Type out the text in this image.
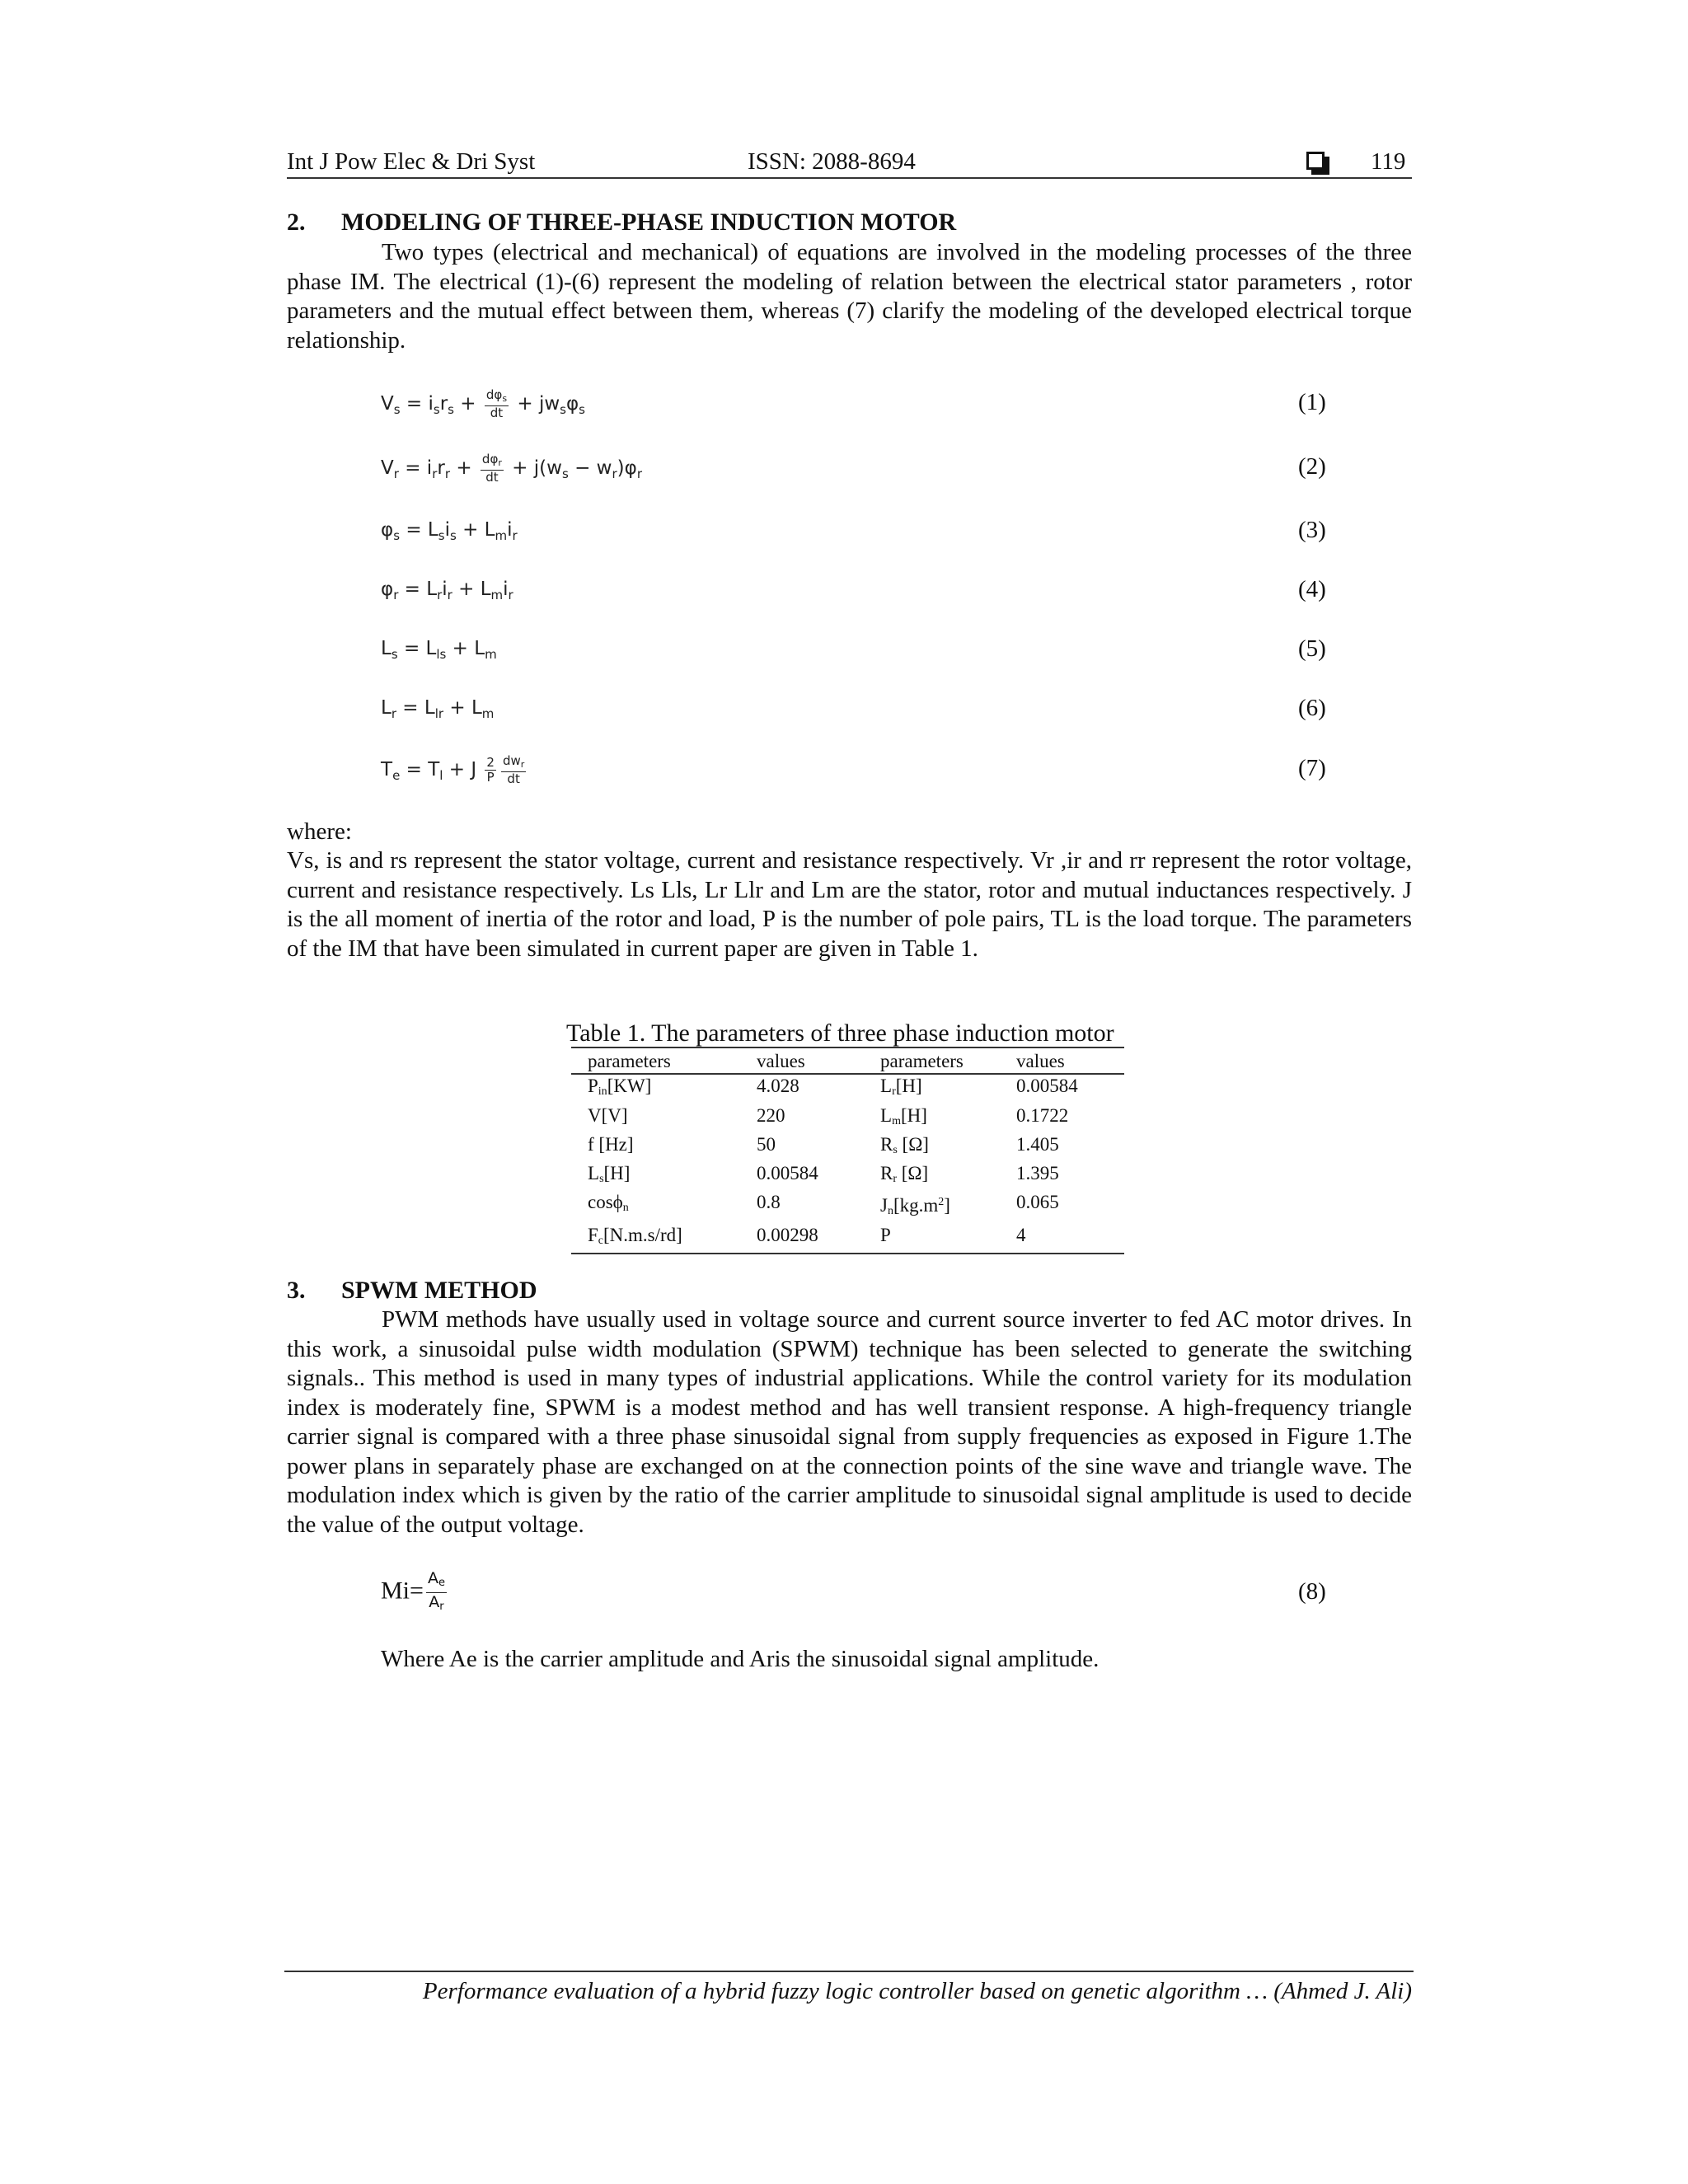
Int J Pow Elec & Dri Syst	ISSN: 2088-8694	119
2. MODELING OF THREE-PHASE INDUCTION MOTOR

Two types (electrical and mechanical) of equations are involved in the modeling processes of the three phase IM. The electrical (1)-(6) represent the modeling of relation between the electrical stator parameters , rotor parameters and the mutual effect between them, whereas (7) clarify the modeling of the developed electrical torque relationship.

$V_s = i_sr_s + \frac{d\varphi_s}{dt} + jw_s\varphi_s$	(1)
$V_r = i_rr_r + \frac{d\varphi_r}{dt} + j(w_s - w_r)\varphi_r$	(2)
$\varphi_s = L_si_s + L_mi_r$	(3)
$\varphi_r = L_ri_r + L_mi_r$	(4)
$L_s = L_{ls} + L_m$	(5)
$L_r = L_{lr} + L_m$	(6)
$T_e = T_l + J \frac{2}{P} \frac{dw_r}{dt}$	(7)
where:

Vs, is and rs represent the stator voltage, current and resistance respectively. Vr ,ir and rr represent the rotor voltage, current and resistance respectively. Ls Lls, Lr Llr and Lm are the stator, rotor and mutual inductances respectively. J is the all moment of inertia of the rotor and load, P is the number of pole pairs, TL is the load torque. The parameters of the IM that have been simulated in current paper are given in Table 1.

Table 1. The parameters of three phase induction motor
parameters	values	parameters	values
$P_{in}[KW]$	4.028	$L_r[H]$	0.00584
V[V]	220	$L_m[H]$	0.1722
f [Hz]	50	$R_s$ [Ω]	1.405
$L_s[H]$	0.00584	$R_r$ [Ω]	1.395
cosϕ$_n$	0.8	$J_n[kg.m^2]$	0.065
$F_c[N.m.s/rd]$	0.00298	P	4
3. SPWM METHOD

PWM methods have usually used in voltage source and current source inverter to fed AC motor drives. In this work, a sinusoidal pulse width modulation (SPWM) technique has been selected to generate the switching signals.. This method is used in many types of industrial applications. While the control variety for its modulation index is moderately fine, SPWM is a modest method and has well transient response. A high-frequency triangle carrier signal is compared with a three phase sinusoidal signal from supply frequencies as exposed in Figure 1.The power plans in separately phase are exchanged on at the connection points of the sine wave and triangle wave. The modulation index which is given by the ratio of the carrier amplitude to sinusoidal signal amplitude is used to decide the value of the output voltage.

$Mi= \frac{A_e}{A_r}$	(8)
Where Ae is the carrier amplitude and Aris the sinusoidal signal amplitude.
Performance evaluation of a hybrid fuzzy logic controller based on genetic algorithm … (Ahmed J. Ali)
